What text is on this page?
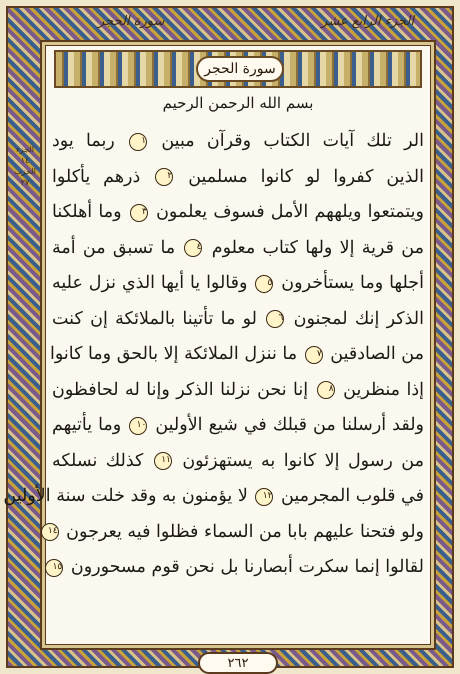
الجزء الرابع عشر
سورة الحجر
الجزء ١٤ الحزب ٢٧
سورة الحجر
بسم الله الرحمن الرحيم
الر تلك آيات الكتاب وقرآن مبين ١ ربما يود
الذين كفروا لو كانوا مسلمين ٢ ذرهم يأكلوا
ويتمتعوا ويلههم الأمل فسوف يعلمون ٣ وما أهلكنا
من قرية إلا ولها كتاب معلوم ٤ ما تسبق من أمة
أجلها وما يستأخرون ٥ وقالوا يا أيها الذي نزل عليه
الذكر إنك لمجنون ٦ لو ما تأتينا بالملائكة إن كنت
من الصادقين ٧ ما ننزل الملائكة إلا بالحق وما كانوا
إذا منظرين ٨ إنا نحن نزلنا الذكر وإنا له لحافظون
ولقد أرسلنا من قبلك في شيع الأولين ١٠ وما يأتيهم
من رسول إلا كانوا به يستهزئون ١١ كذلك نسلكه
في قلوب المجرمين ١٢ لا يؤمنون به وقد خلت سنة الأولين
ولو فتحنا عليهم بابا من السماء فظلوا فيه يعرجون ١٤
لقالوا إنما سكرت أبصارنا بل نحن قوم مسحورون ١٥
٢٦٢
